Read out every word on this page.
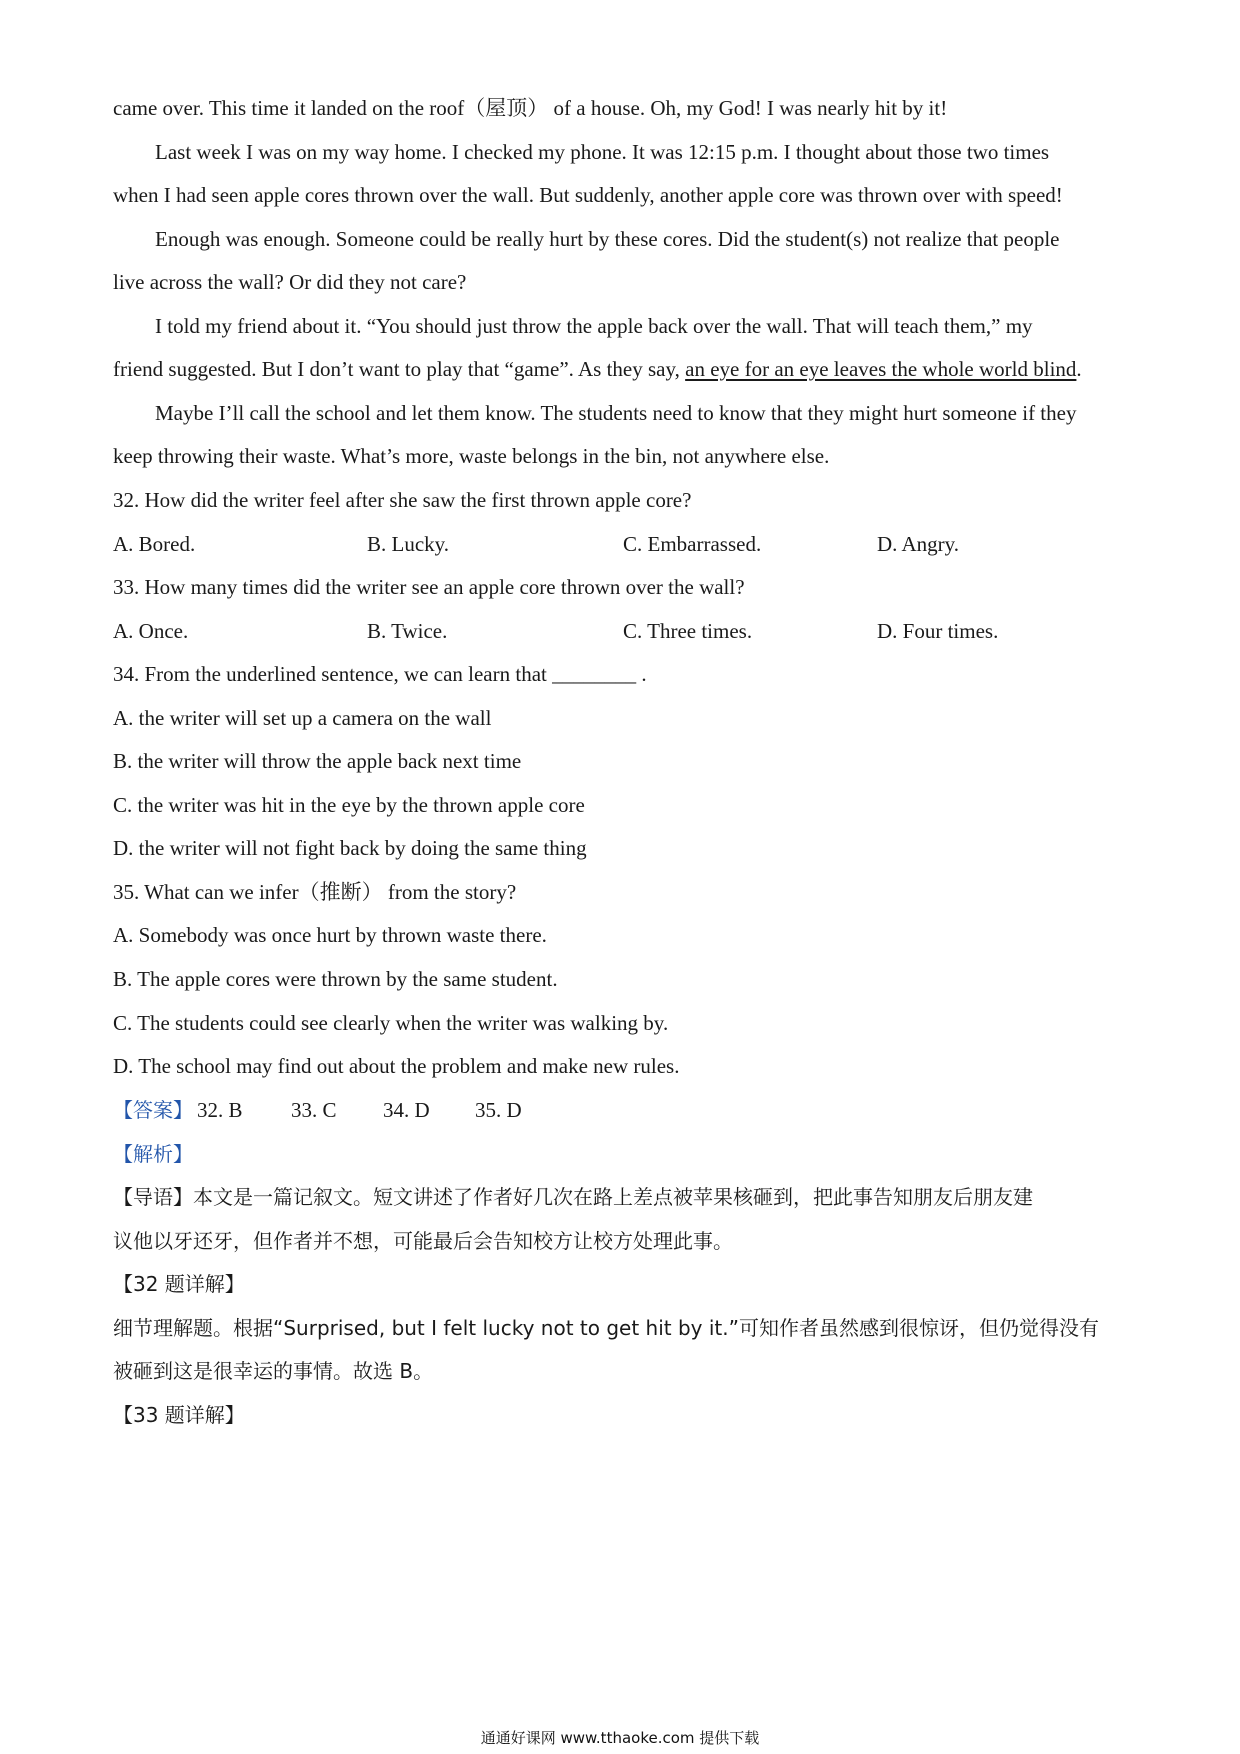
came over. This time it landed on the roof（屋顶） of a house. Oh, my God! I was nearly hit by it!
Last week I was on my way home. I checked my phone. It was 12:15 p.m. I thought about those two times
when I had seen apple cores thrown over the wall. But suddenly, another apple core was thrown over with speed!
Enough was enough. Someone could be really hurt by these cores. Did the student(s) not realize that people
live across the wall? Or did they not care?
I told my friend about it. “You should just throw the apple back over the wall. That will teach them,” my
friend suggested. But I don’t want to play that “game”. As they say, an eye for an eye leaves the whole world blind.
Maybe I’ll call the school and let them know. The students need to know that they might hurt someone if they
keep throwing their waste. What’s more, waste belongs in the bin, not anywhere else.
32. How did the writer feel after she saw the first thrown apple core?
A. Bored.	B. Lucky.	C. Embarrassed.	D. Angry.
33. How many times did the writer see an apple core thrown over the wall?
A. Once.	B. Twice.	C. Three times.	D. Four times.
34. From the underlined sentence, we can learn that ________ .
A. the writer will set up a camera on the wall
B. the writer will throw the apple back next time
C. the writer was hit in the eye by the thrown apple core
D. the writer will not fight back by doing the same thing
35. What can we infer（推断） from the story?
A. Somebody was once hurt by thrown waste there.
B. The apple cores were thrown by the same student.
C. The students could see clearly when the writer was walking by.
D. The school may find out about the problem and make new rules.
【答案】 32. B 33. C 34. D 35. D
【解析】
【导语】本文是一篇记叙文。短文讲述了作者好几次在路上差点被苹果核砸到，把此事告知朋友后朋友建
议他以牙还牙，但作者并不想，可能最后会告知校方让校方处理此事。
【32 题详解】
细节理解题。根据“Surprised, but I felt lucky not to get hit by it.”可知作者虽然感到很惊讶，但仍觉得没有
被砸到这是很幸运的事情。故选 B。
【33 题详解】
通通好课网 www.tthaoke.com 提供下载
